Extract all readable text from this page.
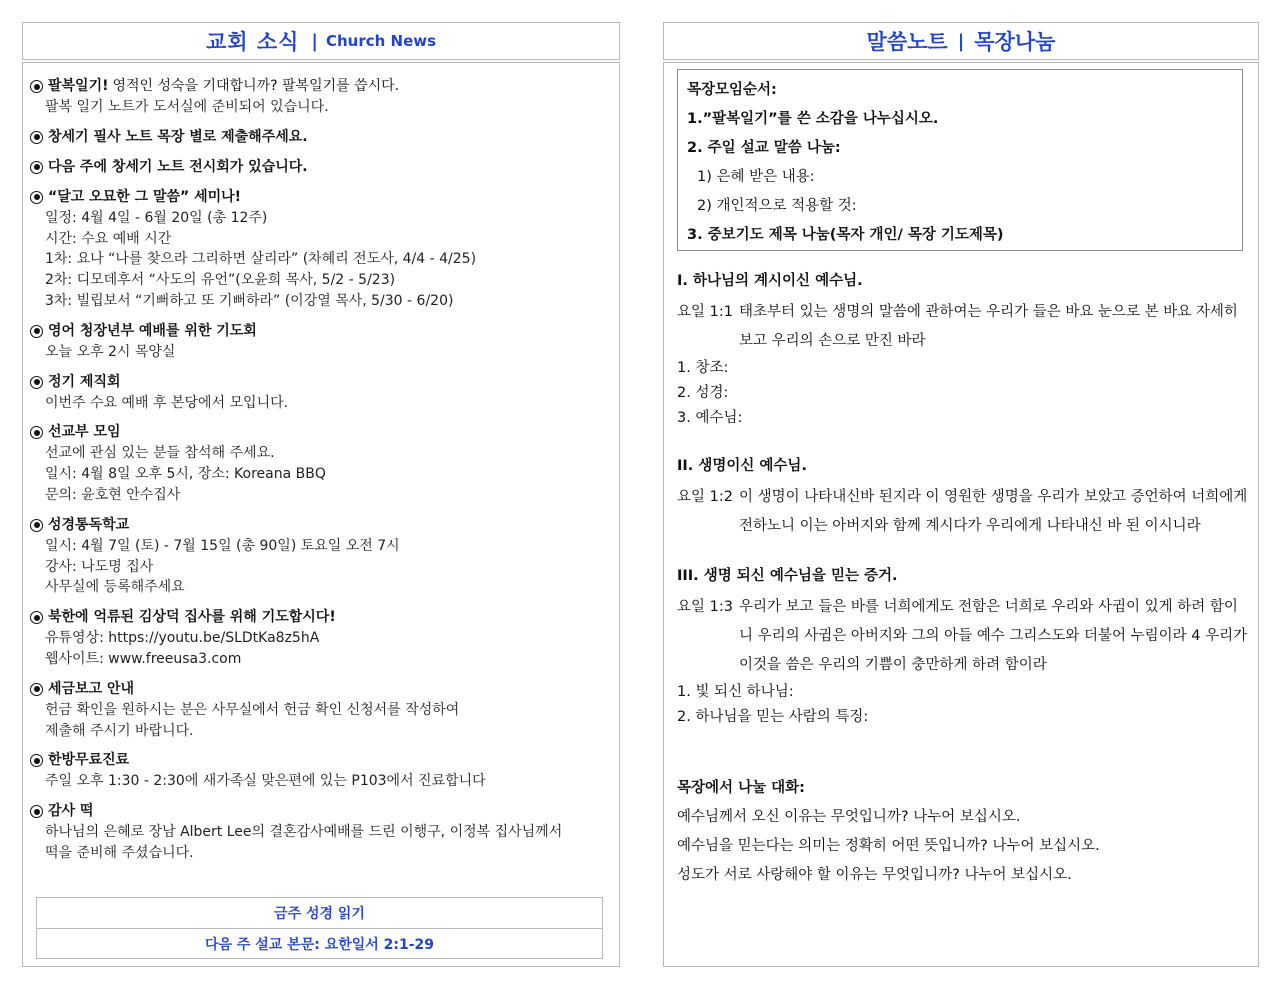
교회 소식 | Church News
팔복일기! 영적인 성숙을 기대합니까? 팔복일기를 씁시다.
팔복 일기 노트가 도서실에 준비되어 있습니다.
창세기 필사 노트 목장 별로 제출해주세요.
다음 주에 창세기 노트 전시회가 있습니다.
“달고 오묘한 그 말씀” 세미나!
일정: 4월 4일 - 6월 20일 (총 12주)
시간: 수요 예배 시간
1차: 요나 “나를 찾으라 그리하면 살리라” (차혜리 전도사, 4/4 - 4/25)
2차: 디모데후서 “사도의 유언”(오윤희 목사, 5/2 - 5/23)
3차: 빌립보서 “기뻐하고 또 기뻐하라” (이강열 목사, 5/30 - 6/20)
영어 청장년부 예배를 위한 기도회
오늘 오후 2시 목양실
정기 제직회
이번주 수요 예배 후 본당에서 모입니다.
선교부 모임
선교에 관심 있는 분들 참석해 주세요.
일시: 4월 8일 오후 5시, 장소: Koreana BBQ
문의: 윤호현 안수집사
성경통독학교
일시: 4월 7일 (토) - 7월 15일 (총 90일) 토요일 오전 7시
강사: 나도명 집사
사무실에 등록해주세요
북한에 억류된 김상덕 집사를 위해 기도합시다!
유튜영상: https://youtu.be/SLDtKa8z5hA
웹사이트: www.freeusa3.com
세금보고 안내
헌금 확인을 원하시는 분은 사무실에서 헌금 확인 신청서를 작성하여
제출해 주시기 바랍니다.
한방무료진료
주일 오후 1:30 - 2:30에 새가족실 맞은편에 있는 P103에서 진료합니다
감사 떡
하나님의 은혜로 장남 Albert Lee의 결혼감사예배를 드린 이행구, 이정복 집사님께서
떡을 준비해 주셨습니다.
금주 성경 읽기
다음 주 설교 본문: 요한일서 2:1-29
말씀노트 | 목장나눔
목장모임순서:
1.”팔복일기”를 쓴 소감을 나누십시오.
2. 주일 설교 말씀 나눔:
1) 은혜 받은 내용:
2) 개인적으로 적용할 것:
3. 중보기도 제목 나눔(목자 개인/ 목장 기도제목)
I. 하나님의 계시이신 예수님.
요일 1:1 태초부터 있는 생명의 말씀에 관하여는 우리가 들은 바요 눈으로 본 바요 자세히 보고 우리의 손으로 만진 바라
1. 창조:
2. 성경:
3. 예수님:
II. 생명이신 예수님.
요일 1:2 이 생명이 나타내신바 된지라 이 영원한 생명을 우리가 보았고 증언하여 너희에게 전하노니 이는 아버지와 함께 계시다가 우리에게 나타내신 바 된 이시니라
III. 생명 되신 예수님을 믿는 증거.
요일 1:3 우리가 보고 들은 바를 너희에게도 전함은 너희로 우리와 사귐이 있게 하려 함이니 우리의 사귐은 아버지와 그의 아들 예수 그리스도와 더불어 누림이라 4 우리가 이것을 씀은 우리의 기쁨이 충만하게 하려 함이라
1. 빛 되신 하나님:
2. 하나님을 믿는 사람의 특징:
목장에서 나눌 대화:
예수님께서 오신 이유는 무엇입니까? 나누어 보십시오.
예수님을 믿는다는 의미는 정확히 어떤 뜻입니까? 나누어 보십시오.
성도가 서로 사랑해야 할 이유는 무엇입니까? 나누어 보십시오.
